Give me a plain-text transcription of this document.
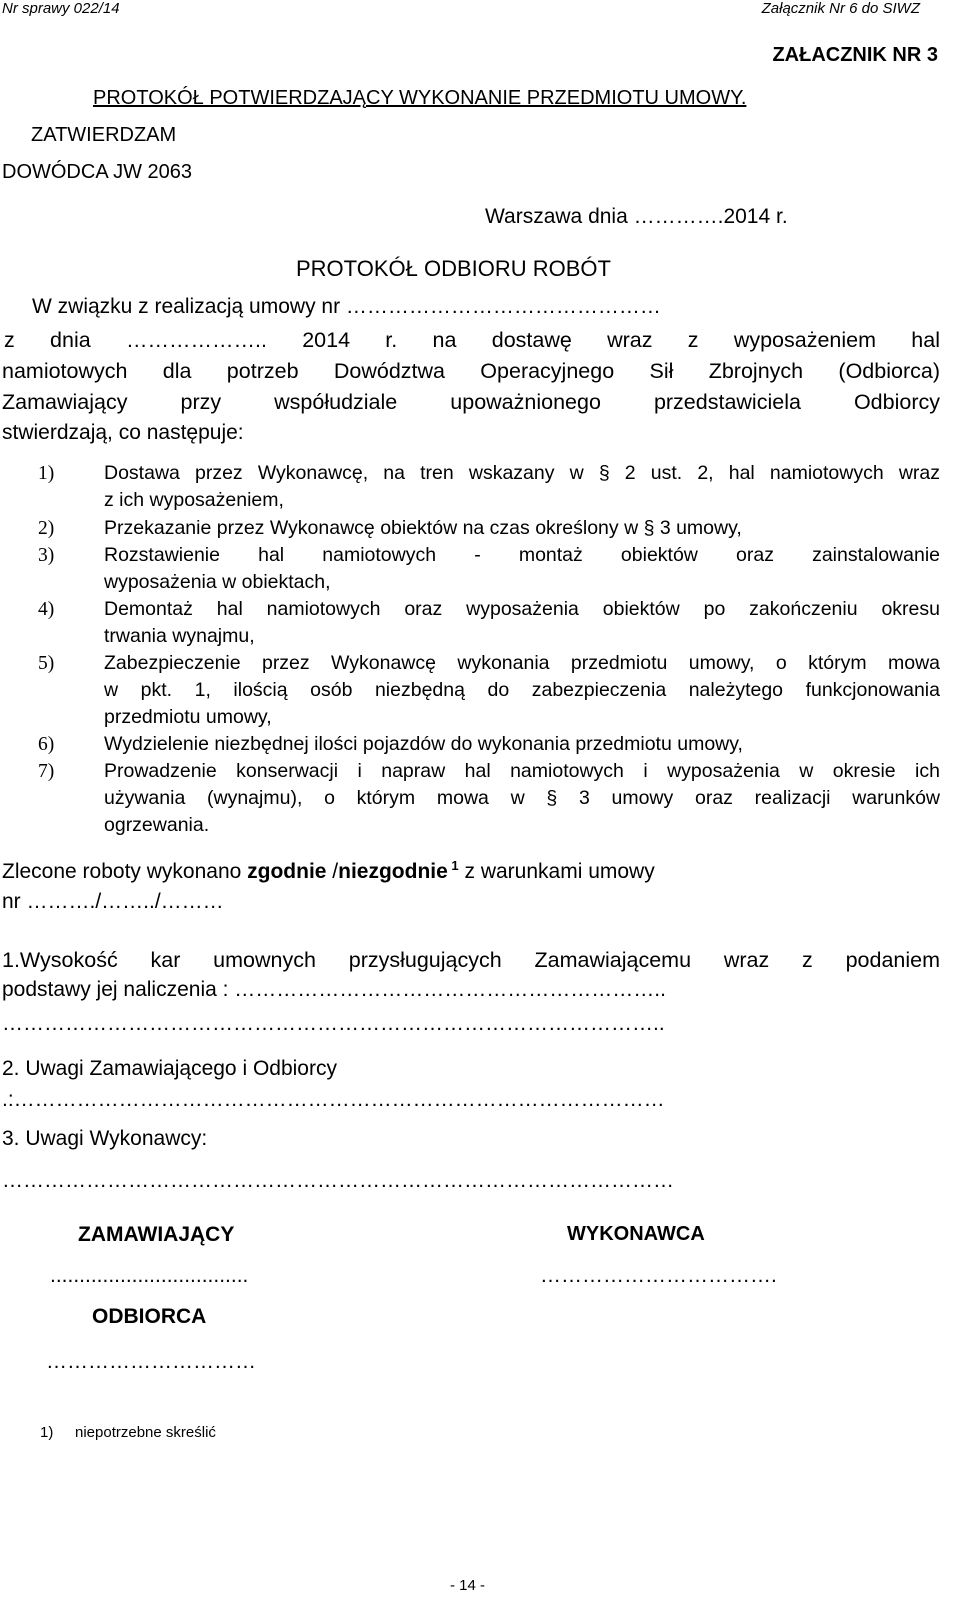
Nr sprawy 022/14	Załącznik Nr 6 do SIWZ
ZAŁACZNIK NR 3
PROTOKÓŁ POTWIERDZAJĄCY WYKONANIE PRZEDMIOTU UMOWY.
ZATWIERDZAM
DOWÓDCA JW 2063
Warszawa dnia ………….2014 r.
PROTOKÓŁ ODBIORU ROBÓT
W związku z realizacją umowy nr ………………………………………
z dnia ……………….. 2014 r. na dostawę wraz z wyposażeniem hal
namiotowych dla potrzeb Dowództwa Operacyjnego Sił Zbrojnych (Odbiorca)
Zamawiający przy współudziale upoważnionego przedstawiciela Odbiorcy
stwierdzają, co następuje:
1)	Dostawa przez Wykonawcę, na tren wskazany w § 2 ust. 2, hal namiotowych wraz
z ich wyposażeniem,
2)	Przekazanie przez Wykonawcę obiektów na czas określony w § 3 umowy,
3)	Rozstawienie hal namiotowych - montaż obiektów oraz zainstalowanie
wyposażenia w obiektach,
4)	Demontaż hal namiotowych oraz wyposażenia obiektów po zakończeniu okresu
trwania wynajmu,
5)	Zabezpieczenie przez Wykonawcę wykonania przedmiotu umowy, o którym mowa
w pkt. 1, ilością osób niezbędną do zabezpieczenia należytego funkcjonowania
przedmiotu umowy,
6)	Wydzielenie niezbędnej ilości pojazdów do wykonania przedmiotu umowy,
7)	Prowadzenie konserwacji i napraw hal namiotowych i wyposażenia w okresie ich
używania (wynajmu), o którym mowa w § 3 umowy oraz realizacji warunków
ogrzewania.
Zlecone roboty wykonano zgodnie /niezgodnie $^1$ z warunkami umowy
nr ………./……../………
1.Wysokość kar umownych przysługujących Zamawiającemu wraz z podaniem
podstawy jej naliczenia : ……………………………………………………..
…………………………………………………………………………………..
2. Uwagi Zamawiającego i Odbiorcy
.:…………………………………………………………………………………
3. Uwagi Wykonawcy:
……………………………………………………………………………………
ZAMAWIAJĄCY	WYKONAWCA
..................................	…………………………….
ODBIORCA
…………………………
1) niepotrzebne skreślić
- 14 -
